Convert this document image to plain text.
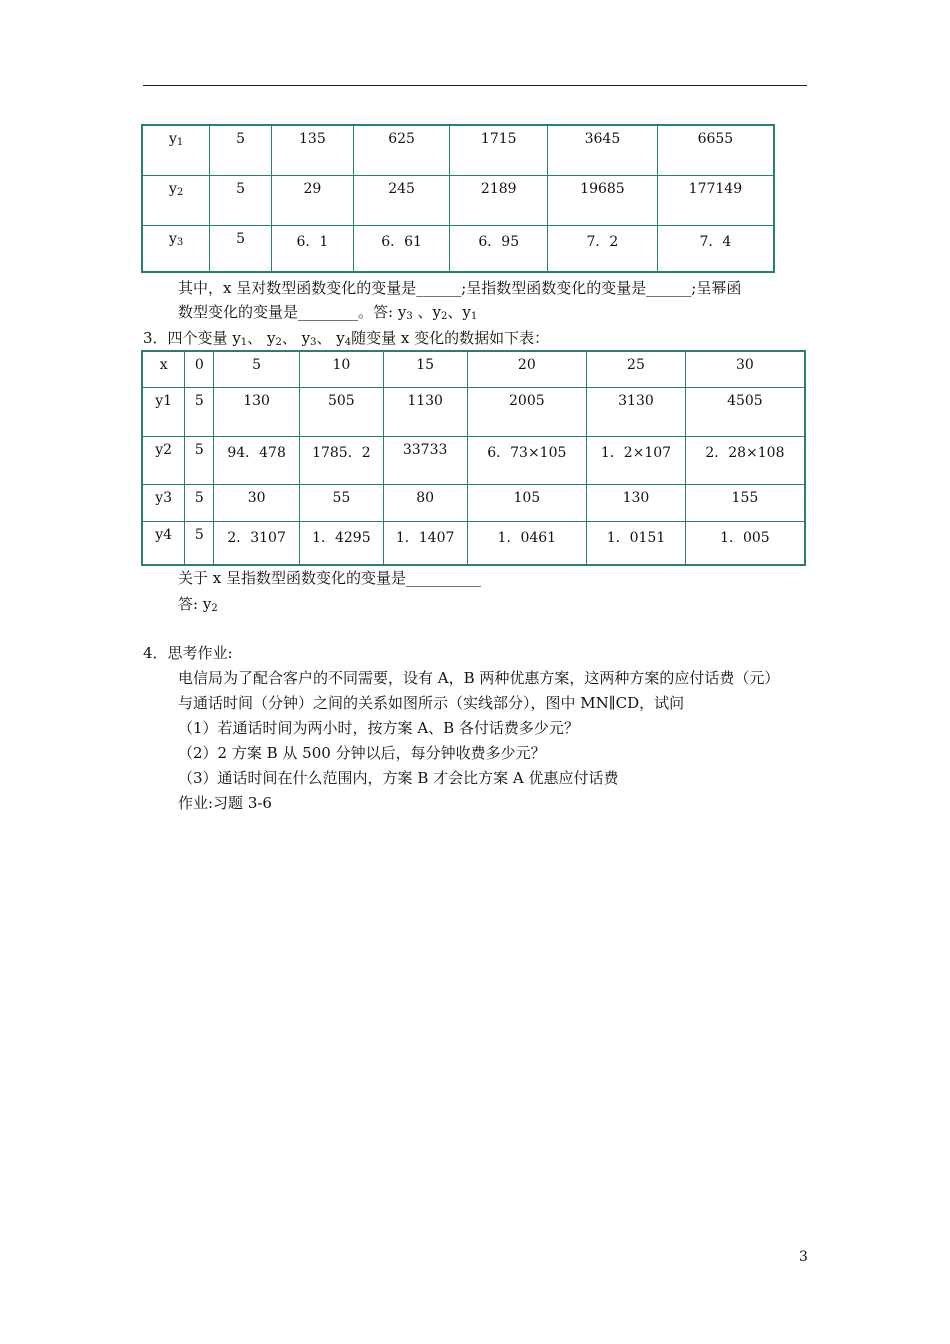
$y_1$	5	135	625	1715	3645	6655
$y_2$	5	29	245	2189	19685	177149
$y_3$	5	6．1	6．61	6．95	7．2	7．4
其中，x 呈对数型函数变化的变量是______;呈指数型函数变化的变量是______;呈幂函
数型变化的变量是________。答: $y_3$ 、$y_2$、$y_1$
3．四个变量 $y_1$、 $y_2$、 $y_3$、 $y_4$随变量 x 变化的数据如下表：
x	0	5	10	15	20	25	30
y1	5	130	505	1130	2005	3130	4505
y2	5	94．478	1785．2	33733	6．73×105	1．2×107	2．28×108
y3	5	30	55	80	105	130	155
y4	5	2．3107	1．4295	1．1407	1．0461	1．0151	1．005
关于 x 呈指数型函数变化的变量是__________
答: $y_2$
4．思考作业:
电信局为了配合客户的不同需要，设有 A，B 两种优惠方案，这两种方案的应付话费（元）
与通话时间（分钟）之间的关系如图所示（实线部分），图中 MN∥CD，试问
（1）若通话时间为两小时，按方案 A、B 各付话费多少元？
（2）2 方案 B 从 500 分钟以后，每分钟收费多少元？
（3）通话时间在什么范围内，方案 B 才会比方案 A 优惠应付话费
作业:习题 3-6
3
